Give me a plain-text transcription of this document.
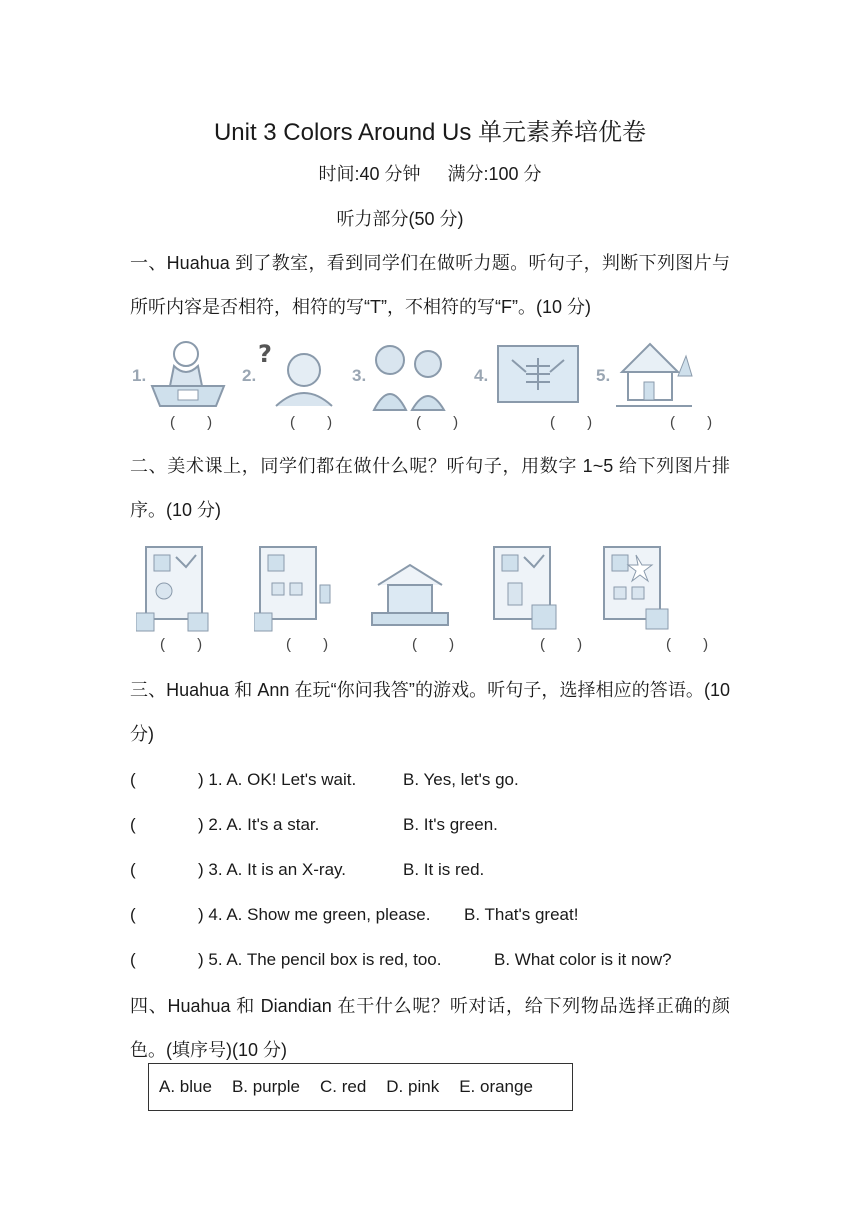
Unit 3 Colors Around Us 单元素养培优卷
时间:40 分钟 满分:100 分
听力部分(50 分)
一、Huahua 到了教室，看到同学们在做听力题。听句子，判断下列图片与所听内容是否相符，相符的写“T”，不相符的写“F”。(10 分)
1.
( )
2.
?
( )
3.
( )
4.
( )
5.
( )
二、美术课上，同学们都在做什么呢？听句子，用数字 1~5 给下列图片排序。(10 分)
( )	( )	( )	( )	( )
三、Huahua 和 Ann 在玩“你问我答”的游戏。听句子，选择相应的答语。(10 分)
(	) 1. A. OK! Let's wait.	B. Yes, let's go.
(	) 2. A. It's a star.	B. It's green.
(	) 3. A. It is an X-ray.	B. It is red.
(	) 4. A. Show me green, please. B. That's great!
(	) 5. A. The pencil box is red, too.	B. What color is it now?
四、Huahua 和 Diandian 在干什么呢？听对话，给下列物品选择正确的颜色。(填序号)(10 分)
A. blue B. purple C. red D. pink E. orange
